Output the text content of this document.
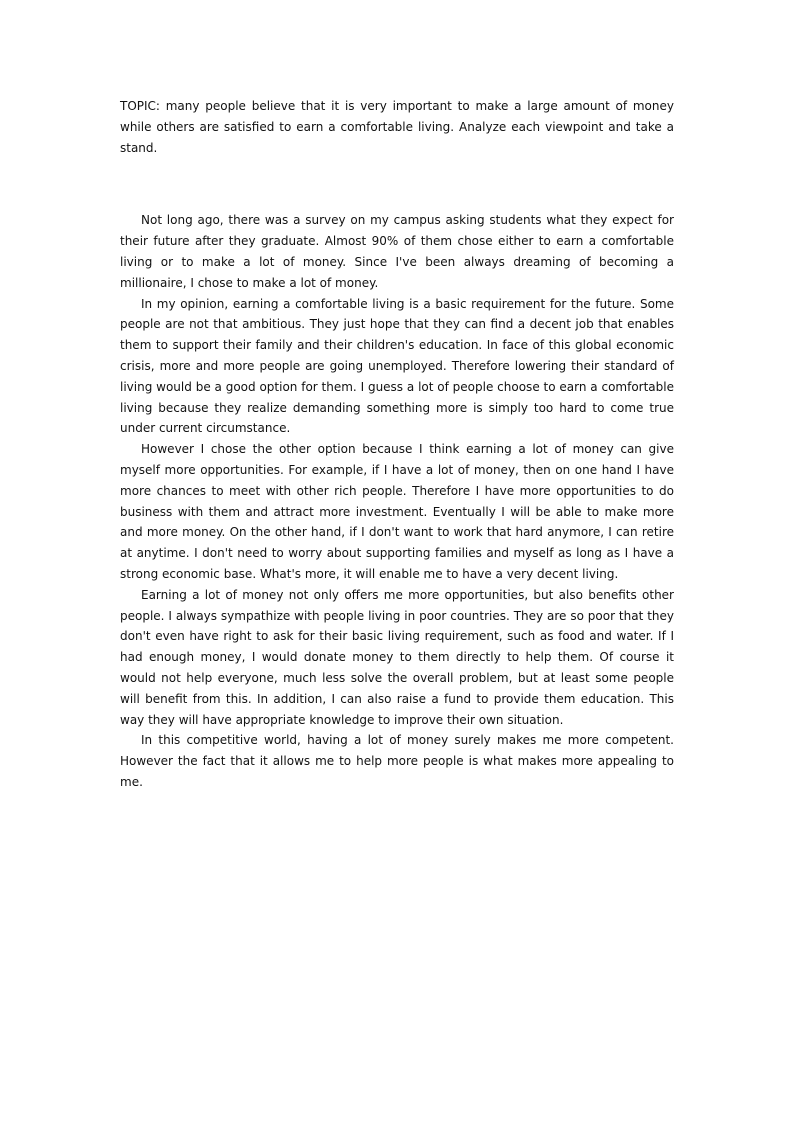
TOPIC: many people believe that it is very important to make a large amount of money while others are satisfied to earn a comfortable living. Analyze each viewpoint and take a stand.

Not long ago, there was a survey on my campus asking students what they expect for their future after they graduate. Almost 90% of them chose either to earn a comfortable living or to make a lot of money. Since I've been always dreaming of becoming a millionaire, I chose to make a lot of money.

In my opinion, earning a comfortable living is a basic requirement for the future. Some people are not that ambitious. They just hope that they can find a decent job that enables them to support their family and their children's education. In face of this global economic crisis, more and more people are going unemployed. Therefore lowering their standard of living would be a good option for them. I guess a lot of people choose to earn a comfortable living because they realize demanding something more is simply too hard to come true under current circumstance.

However I chose the other option because I think earning a lot of money can give myself more opportunities. For example, if I have a lot of money, then on one hand I have more chances to meet with other rich people. Therefore I have more opportunities to do business with them and attract more investment. Eventually I will be able to make more and more money. On the other hand, if I don't want to work that hard anymore, I can retire at anytime. I don't need to worry about supporting families and myself as long as I have a strong economic base. What's more, it will enable me to have a very decent living.

Earning a lot of money not only offers me more opportunities, but also benefits other people. I always sympathize with people living in poor countries. They are so poor that they don't even have right to ask for their basic living requirement, such as food and water. If I had enough money, I would donate money to them directly to help them. Of course it would not help everyone, much less solve the overall problem, but at least some people will benefit from this. In addition, I can also raise a fund to provide them education. This way they will have appropriate knowledge to improve their own situation.

In this competitive world, having a lot of money surely makes me more competent. However the fact that it allows me to help more people is what makes more appealing to me.
